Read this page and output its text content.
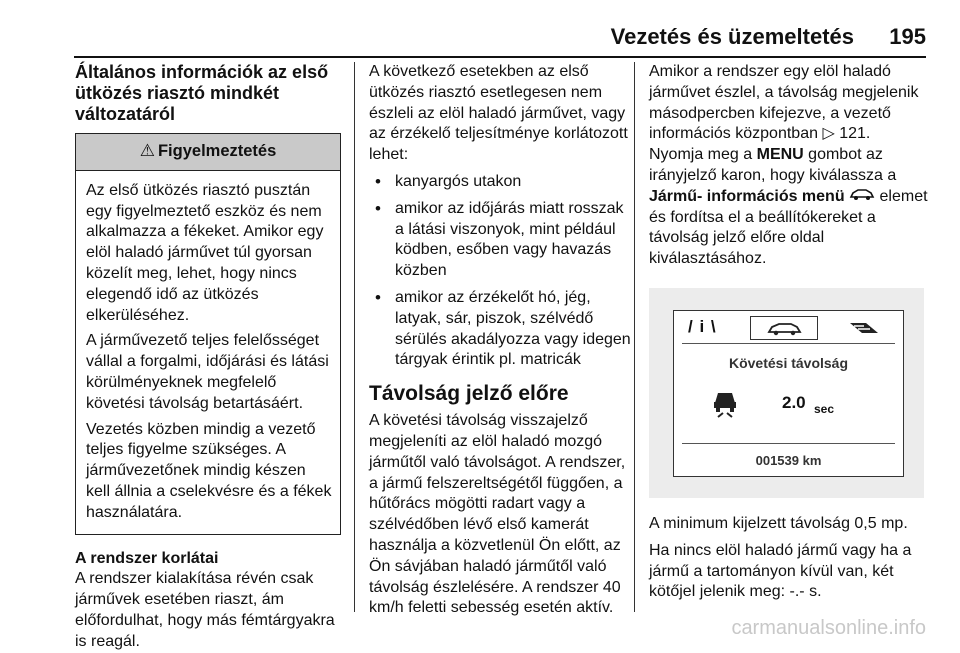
Vezetés és üzemeltetés 195

Általános információk az első ütközés riasztó mindkét változatáról

⚠ Figyelmeztetés

Az első ütközés riasztó pusztán egy figyelmeztető eszköz és nem alkalmazza a fékeket. Amikor egy elöl haladó járművet túl gyorsan közelít meg, lehet, hogy nincs elegendő idő az ütközés elkerüléséhez.

A járművezető teljes felelősséget vállal a forgalmi, időjárási és látási körülményeknek megfelelő követési távolság betartásáért.

Vezetés közben mindig a vezető teljes figyelme szükséges. A járművezetőnek mindig készen kell állnia a cselekvésre és a fékek használatára.

A rendszer korlátai

A rendszer kialakítása révén csak járművek esetében riaszt, ám előfordulhat, hogy más fémtárgyakra is reagál.

A következő esetekben az első ütközés riasztó esetlegesen nem észleli az elöl haladó járművet, vagy az érzékelő teljesítménye korlátozott lehet:

• kanyargós utakon
• amikor az időjárás miatt rosszak a látási viszonyok, mint például ködben, esőben vagy havazás közben
• amikor az érzékelőt hó, jég, latyak, sár, piszok, szélvédő sérülés akadályozza vagy idegen tárgyak érintik pl. matricák

Távolság jelző előre

A követési távolság visszajelző megjeleníti az elöl haladó mozgó járműtől való távolságot. A rendszer, a jármű felszereltségétől függően, a hűtőrács mögötti radart vagy a szélvédőben lévő első kamerát használja a közvetlenül Ön előtt, az Ön sávjában haladó járműtől való távolság észlelésére. A rendszer 40 km/h feletti sebesség esetén aktív.

Amikor a rendszer egy elöl haladó járművet észlel, a távolság megjelenik másodpercben kifejezve, a vezető információs központban ▷ 121. Nyomja meg a MENU gombot az irányjelző karon, hogy kiválassza a Jármű- információs menü elemet és fordítsa el a beállítókereket a távolság jelző előre oldal kiválasztásához.

/ i \
Követési távolság
2.0 sec
001539 km

A minimum kijelzett távolság 0,5 mp.

Ha nincs elöl haladó jármű vagy ha a jármű a tartományon kívül van, két kötőjel jelenik meg: -.- s.

carmanualsonline.info
